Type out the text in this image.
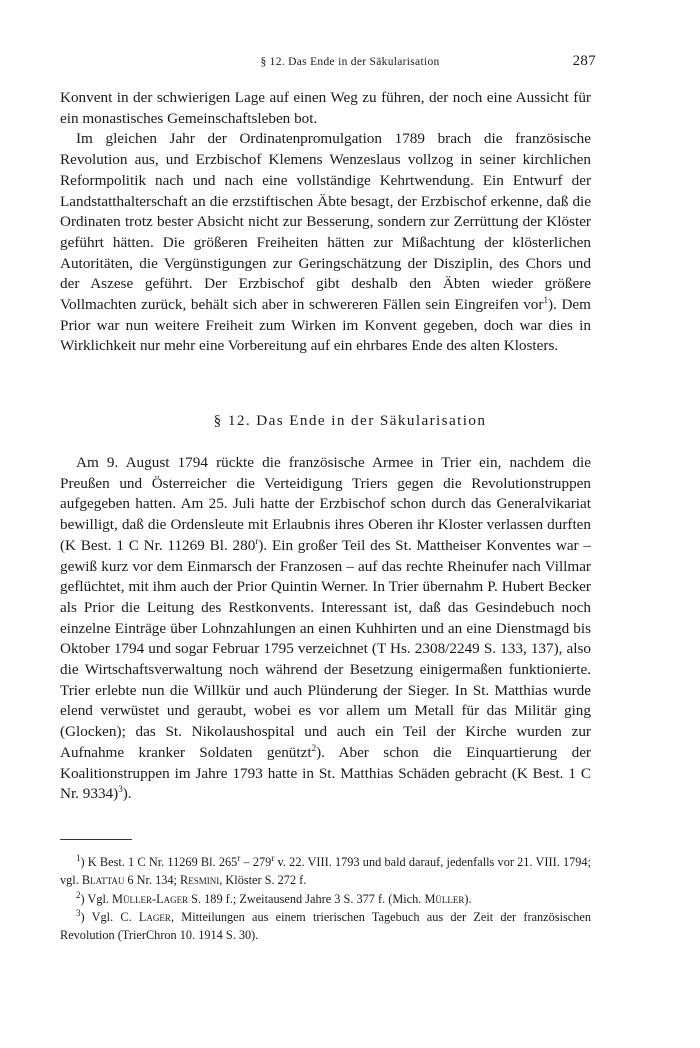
§ 12. Das Ende in der Säkularisation	287

Konvent in der schwierigen Lage auf einen Weg zu führen, der noch eine Aussicht für ein monastisches Gemeinschaftsleben bot.

Im gleichen Jahr der Ordinatenpromulgation 1789 brach die französische Revolution aus, und Erzbischof Klemens Wenzeslaus vollzog in seiner kirchlichen Reformpolitik nach und nach eine vollständige Kehrtwendung. Ein Entwurf der Landstatthalterschaft an die erzstiftischen Äbte besagt, der Erzbischof erkenne, daß die Ordinaten trotz bester Absicht nicht zur Besserung, sondern zur Zerrüttung der Klöster geführt hätten. Die größeren Freiheiten hätten zur Mißachtung der klösterlichen Autoritäten, die Vergünstigungen zur Geringschätzung der Disziplin, des Chors und der Aszese geführt. Der Erzbischof gibt deshalb den Äbten wieder größere Vollmachten zurück, behält sich aber in schwereren Fällen sein Eingreifen vor$^1$). Dem Prior war nun weitere Freiheit zum Wirken im Konvent gegeben, doch war dies in Wirklichkeit nur mehr eine Vorbereitung auf ein ehrbares Ende des alten Klosters.

§ 12. Das Ende in der Säkularisation

Am 9. August 1794 rückte die französische Armee in Trier ein, nachdem die Preußen und Österreicher die Verteidigung Triers gegen die Revolutionstruppen aufgegeben hatten. Am 25. Juli hatte der Erzbischof schon durch das Generalvikariat bewilligt, daß die Ordensleute mit Erlaubnis ihres Oberen ihr Kloster verlassen durften (K Best. 1 C Nr. 11269 Bl. 280$^r$). Ein großer Teil des St. Mattheiser Konventes war – gewiß kurz vor dem Einmarsch der Franzosen – auf das rechte Rheinufer nach Villmar geflüchtet, mit ihm auch der Prior Quintin Werner. In Trier übernahm P. Hubert Becker als Prior die Leitung des Restkonvents. Interessant ist, daß das Gesindebuch noch einzelne Einträge über Lohnzahlungen an einen Kuhhirten und an eine Dienstmagd bis Oktober 1794 und sogar Februar 1795 verzeichnet (T Hs. 2308/2249 S. 133, 137), also die Wirtschaftsverwaltung noch während der Besetzung einigermaßen funktionierte. Trier erlebte nun die Willkür und auch Plünderung der Sieger. In St. Matthias wurde elend verwüstet und geraubt, wobei es vor allem um Metall für das Militär ging (Glocken); das St. Nikolaushospital und auch ein Teil der Kirche wurden zur Aufnahme kranker Soldaten genützt$^2$). Aber schon die Einquartierung der Koalitionstruppen im Jahre 1793 hatte in St. Matthias Schäden gebracht (K Best. 1 C Nr. 9334)$^3$).

$^1$) K Best. 1 C Nr. 11269 Bl. 265$^r$ – 279$^r$ v. 22. VIII. 1793 und bald darauf, jedenfalls vor 21. VIII. 1794; vgl. Blattau 6 Nr. 134; Resmini, Klöster S. 272 f.

$^2$) Vgl. Müller-Lager S. 189 f.; Zweitausend Jahre 3 S. 377 f. (Mich. Müller).

$^3$) Vgl. C. Lager, Mitteilungen aus einem trierischen Tagebuch aus der Zeit der französischen Revolution (TrierChron 10. 1914 S. 30).
